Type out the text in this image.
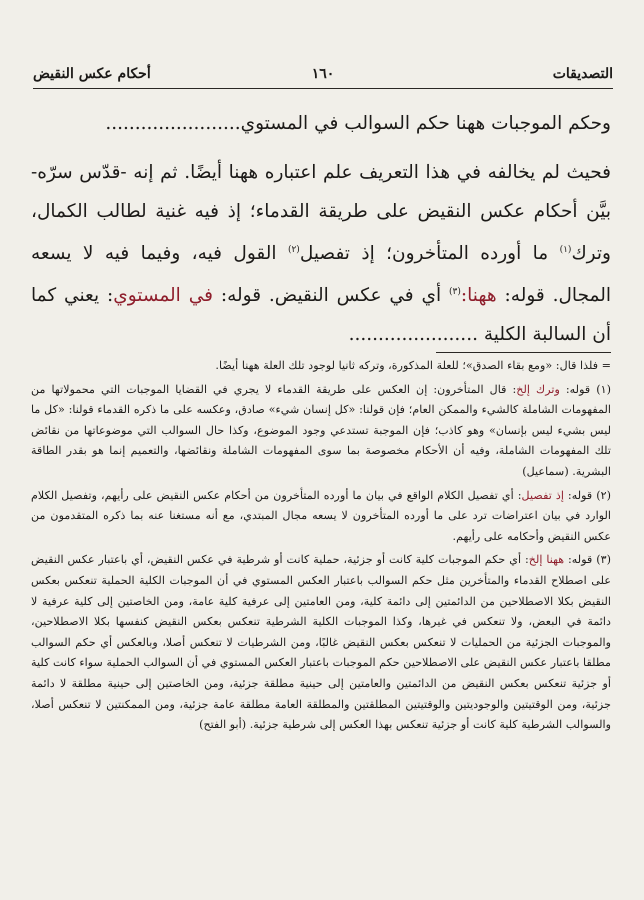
التصديقات
١٦٠
أحكام عكس النقيض

وحكم الموجبات ههنا حكم السوالب في المستوي.......................

فحيث لم يخالفه في هذا التعريف علم اعتباره ههنا أيضًا. ثم إنه -قدّس سرّه- بيَّن أحكام عكس النقيض على طريقة القدماء؛ إذ فيه غنية لطالب الكمال، وترك$^{(١)}$ ما أورده المتأخرون؛ إذ تفصيل$^{(٢)}$ القول فيه، وفيما فيه لا يسعه المجال. قوله: ههنا:$^{(٣)}$ أي في عكس النقيض. قوله: في المستوي: يعني كما أن السالبة الكلية ......................

= فلذا قال: «ومع بقاء الصدق»؛ للعلة المذكورة، وتركه ثانيا لوجود تلك العلة ههنا أيضًا.

(١) قوله: وترك إلخ: قال المتأخرون: إن العكس على طريقة القدماء لا يجري في القضايا الموجبات التي محمولاتها من المفهومات الشاملة كالشيء والممكن العام؛ فإن قولنا: «كل إنسان شيء» صادق، وعكسه على ما ذكره القدماء قولنا: «كل ما ليس بشيء ليس بإنسان» وهو كاذب؛ فإن الموجبة تستدعي وجود الموضوع، وكذا حال السوالب التي موضوعاتها من نقائض تلك المفهومات الشاملة، وفيه أن الأحكام مخصوصة بما سوى المفهومات الشاملة ونقائضها، والتعميم إنما هو بقدر الطاقة البشرية. (سماعيل)

(٢) قوله: إذ تفصيل: أي تفصيل الكلام الواقع في بيان ما أورده المتأخرون من أحكام عكس النقيض على رأيهم، وتفصيل الكلام الوارد في بيان اعتراضات ترد على ما أورده المتأخرون لا يسعه مجال المبتدي، مع أنه مستغنا عنه بما ذكره المتقدمون من عكس النقيض وأحكامه على رأيهم.

(٣) قوله: ههنا إلخ: أي حكم الموجبات كلية كانت أو جزئية، حملية كانت أو شرطية في عكس النقيض، أي باعتبار عكس النقيض على اصطلاح القدماء والمتأخرين مثل حكم السوالب باعتبار العكس المستوي في أن الموجبات الكلية الحملية تنعكس بعكس النقيض بكلا الاصطلاحين من الدائمتين إلى دائمة كلية، ومن العامتين إلى عرفية كلية عامة، ومن الخاصتين إلى كلية عرفية لا دائمة في البعض، ولا تنعكس في غيرها، وكذا الموجبات الكلية الشرطية تنعكس بعكس النقيض كنفسها بكلا الاصطلاحين، والموجبات الجزئية من الحمليات لا تنعكس بعكس النقيض غالبًا، ومن الشرطيات لا تنعكس أصلا، وبالعكس أي حكم السوالب مطلقا باعتبار عكس النقيض على الاصطلاحين حكم الموجبات باعتبار العكس المستوي في أن السوالب الحملية سواء كانت كلية أو جزئية تنعكس بعكس النقيض من الدائمتين والعامتين إلى حينية مطلقة جزئية، ومن الخاصتين إلى حينية مطلقة لا دائمة جزئية، ومن الوقتيتين والوجوديتين والوقتيتين المطلقتين والمطلقة العامة مطلقة عامة جزئية، ومن الممكنتين لا تنعكس أصلا، والسوالب الشرطية كلية كانت أو جزئية تنعكس بهذا العكس إلى شرطية جزئية. (أبو الفتح)
